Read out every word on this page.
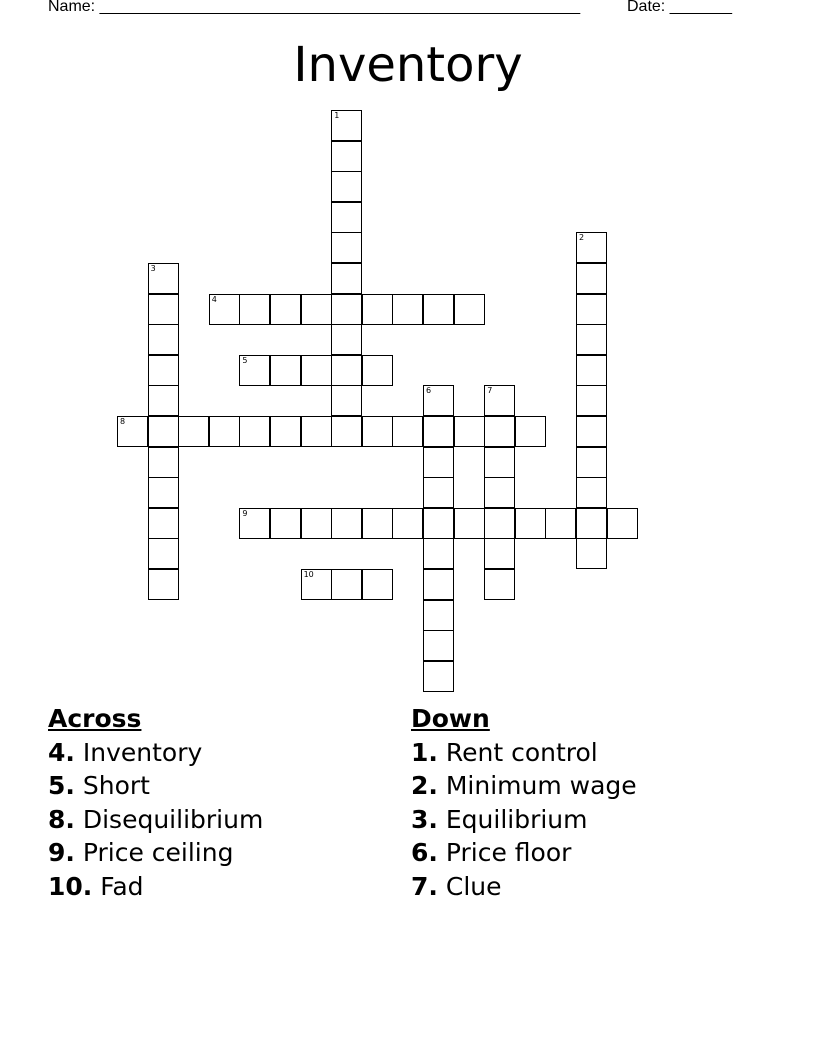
Name: ______________________________________________________	Date: _______
Inventory
1
2
3
4
5
6	7
8
9
10
Across
4. Inventory
5. Short
8. Disequilibrium
9. Price ceiling
10. Fad
Down
1. Rent control
2. Minimum wage
3. Equilibrium
6. Price floor
7. Clue
